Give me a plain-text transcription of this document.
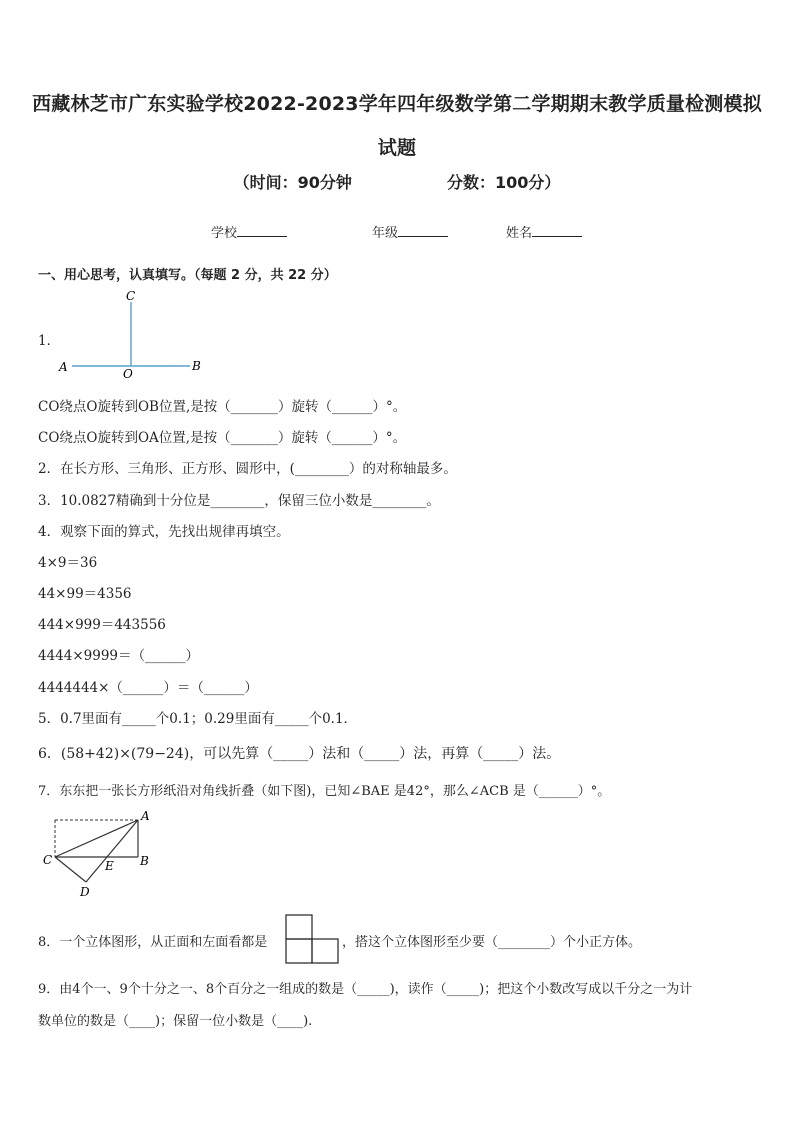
西藏林芝市广东实验学校2022-2023学年四年级数学第二学期期末教学质量检测模拟试题
（时间：90分钟	分数：100分）
学校	年级	姓名
一、用心思考，认真填写。（每题 2 分，共 22 分）
1．
C
A	O
B
CO绕点O旋转到OB位置,是按（_______）旋转（______）°。
CO绕点O旋转到OA位置,是按（_______）旋转（______）°。
2．在长方形、三角形、正方形、圆形中，(________）的对称轴最多。
3．10.0827精确到十分位是________，保留三位小数是________。
4．观察下面的算式，先找出规律再填空。
4×9＝36
44×99＝4356
444×999＝443556
4444×9999＝（______）
4444444×（______）＝（______）
5．0.7里面有_____个0.1；0.29里面有_____个0.1．
6．(58+42)×(79−24)，可以先算（_____）法和（_____）法，再算（_____）法。
7．东东把一张长方形纸沿对角线折叠（如下图)，已知∠BAE 是42°，那么∠ACB 是（______）°。
A
B
C
D
E
8．一个立体图形，从正面和左面看都是	，搭这个立体图形至少要（________）个小正方体。
9．由4个一、9个十分之一、8个百分之一组成的数是（_____)，读作（_____)；把这个小数改写成以千分之一为计
数单位的数是（____)；保留一位小数是（____).
